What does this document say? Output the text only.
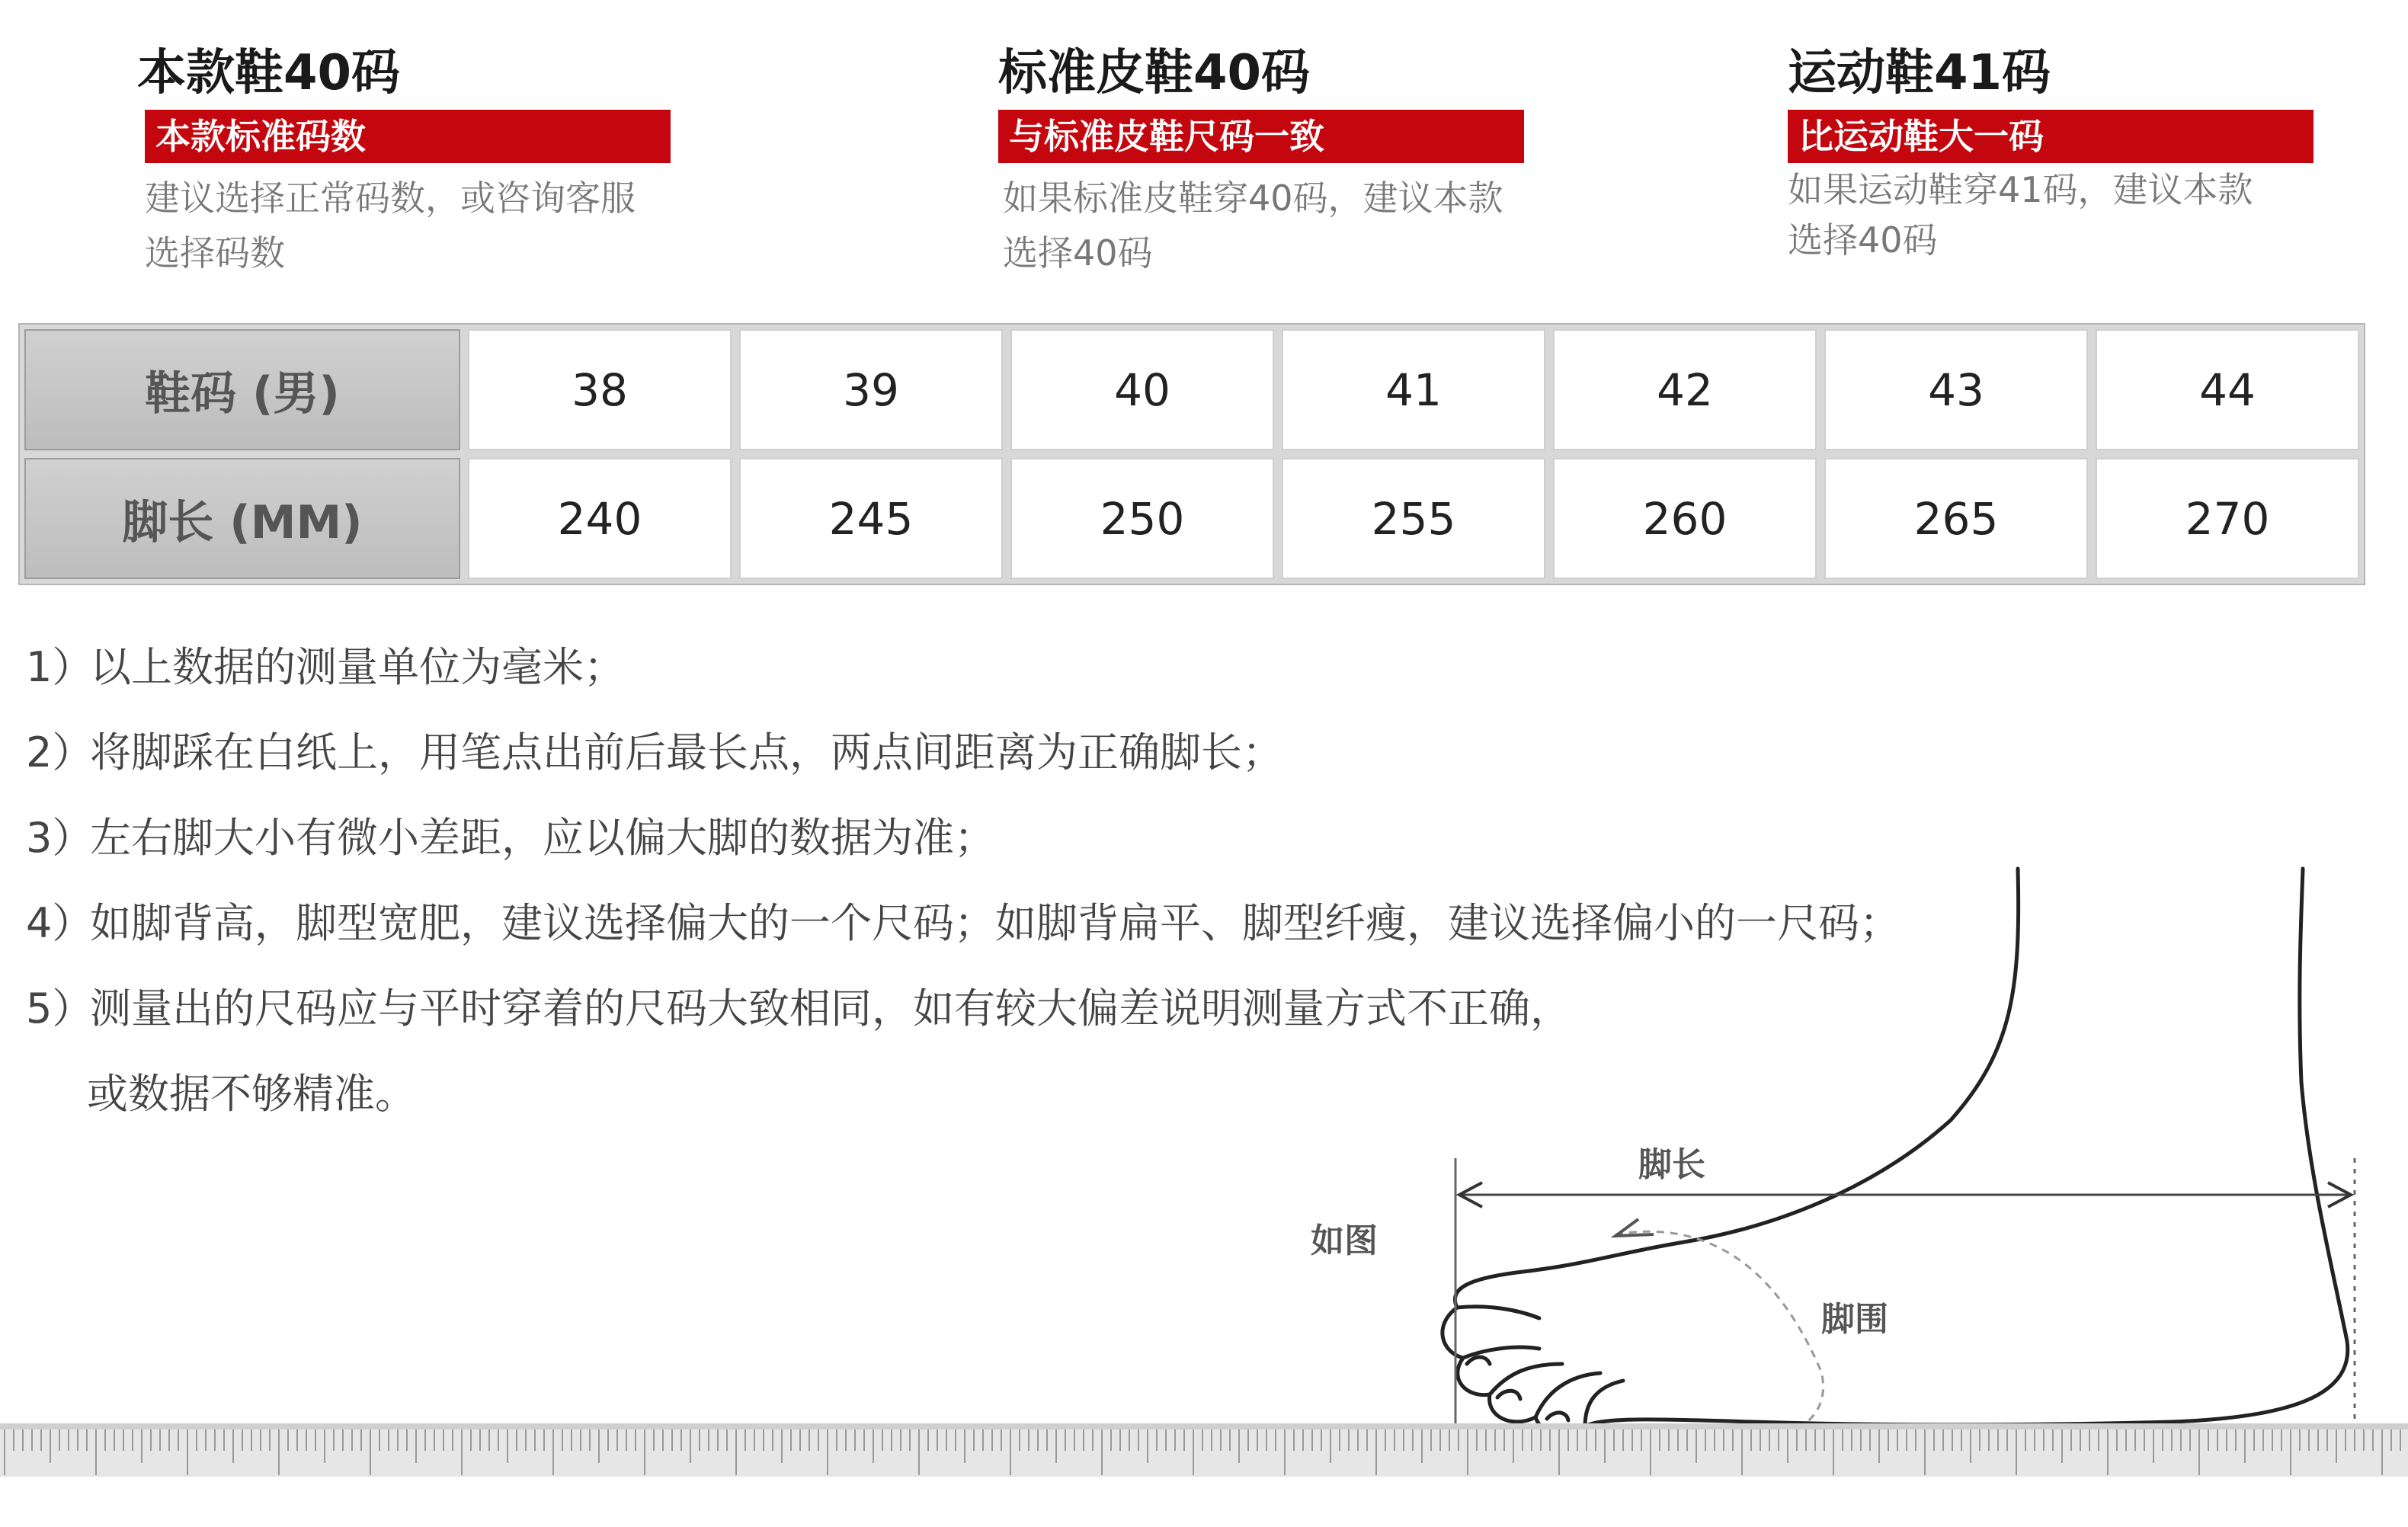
本款鞋40码
本款标准码数
建议选择正常码数，或咨询客服
选择码数
标准皮鞋40码
与标准皮鞋尺码一致
如果标准皮鞋穿40码，建议本款
选择40码
运动鞋41码
比运动鞋大一码
如果运动鞋穿41码，建议本款
选择40码
鞋码 (男)	38	39	40	41	42	43	44
脚长 (MM)	240	245	250	255	260	265	270
1）以上数据的测量单位为毫米；
2）将脚踩在白纸上，用笔点出前后最长点，两点间距离为正确脚长；
3）左右脚大小有微小差距，应以偏大脚的数据为准；
4）如脚背高，脚型宽肥，建议选择偏大的一个尺码；如脚背扁平、脚型纤瘦，建议选择偏小的一尺码；
5）测量出的尺码应与平时穿着的尺码大致相同，如有较大偏差说明测量方式不正确，
或数据不够精准。
脚长
如图
脚围
